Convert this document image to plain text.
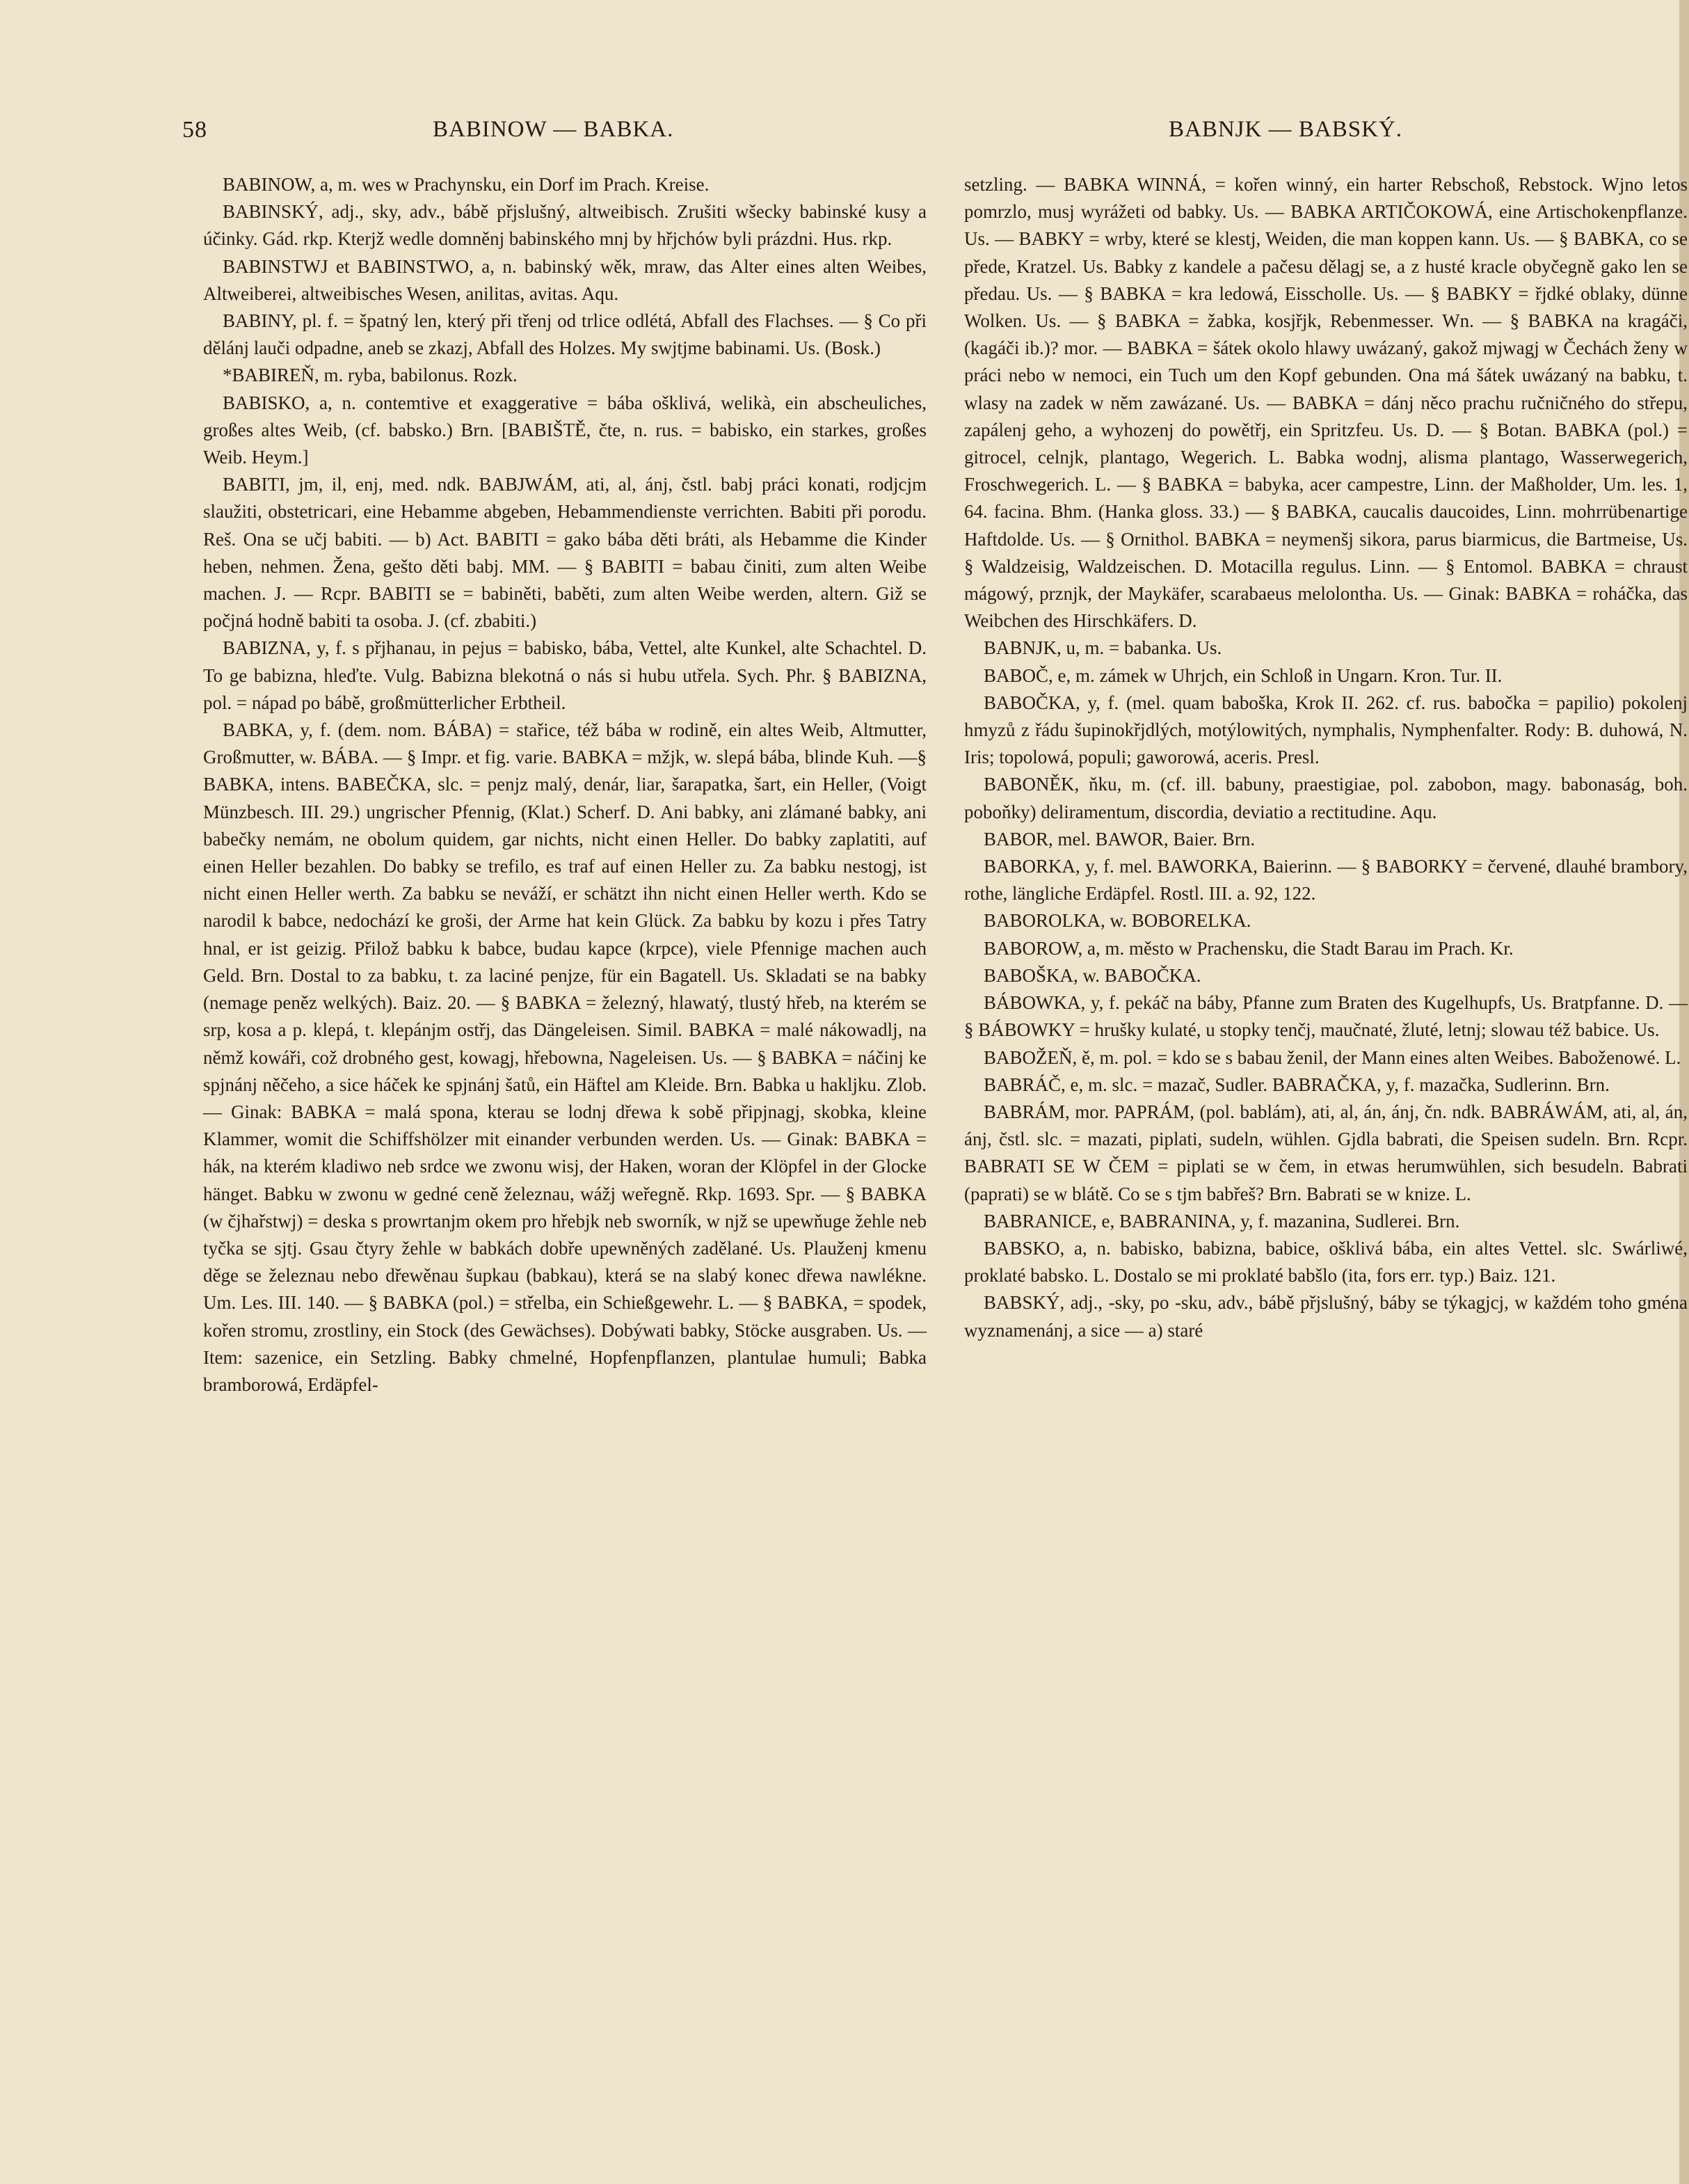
58	BABINOW — BABKA.	BABNJK — BABSKÝ.

BABINOW, a, m. wes w Prachynsku, ein Dorf im Prach. Kreise.

BABINSKÝ, adj., sky, adv., bábě přjslušný, altweibisch. Zrušiti wšecky babinské kusy a účinky. Gád. rkp. Kterjž wedle domněnj babinského mnj by hřjchów byli prázdni. Hus. rkp.

BABINSTWJ et BABINSTWO, a, n. babinský wěk, mraw, das Alter eines alten Weibes, Altweiberei, altweibisches Wesen, anilitas, avitas. Aqu.

BABINY, pl. f. = špatný len, který při třenj od trlice odlétá, Abfall des Flachses. — § Co při dělánj lauči odpadne, aneb se zkazj, Abfall des Holzes. My swjtjme babinami. Us. (Bosk.)

*BABIREŇ, m. ryba, babilonus. Rozk.

BABISKO, a, n. contemtive et exaggerative = bába ošklivá, welikà, ein abscheuliches, großes altes Weib, (cf. babsko.) Brn. [BABIŠTĚ, čte, n. rus. = babisko, ein starkes, großes Weib. Heym.]

BABITI, jm, il, enj, med. ndk. BABJWÁM, ati, al, ánj, čstl. babj práci konati, rodjcjm slaužiti, obstetricari, eine Hebamme abgeben, Hebammendienste verrichten. Babiti při porodu. Reš. Ona se učj babiti. — b) Act. BABITI = gako bába děti bráti, als Hebamme die Kinder heben, nehmen. Žena, gešto děti babj. MM. — § BABITI = babau činiti, zum alten Weibe machen. J. — Rcpr. BABITI se = babiněti, baběti, zum alten Weibe werden, altern. Giž se počjná hodně babiti ta osoba. J. (cf. zbabiti.)

BABIZNA, y, f. s přjhanau, in pejus = babisko, bába, Vettel, alte Kunkel, alte Schachtel. D. To ge babizna, hleďte. Vulg. Babizna blekotná o nás si hubu utřela. Sych. Phr. § BABIZNA, pol. = nápad po bábě, großmütterlicher Erbtheil.

BABKA, y, f. (dem. nom. BÁBA) = stařice, též bába w rodině, ein altes Weib, Altmutter, Großmutter, w. BÁBA. — § Impr. et fig. varie. BABKA = mžjk, w. slepá bába, blinde Kuh. —§ BABKA, intens. BABEČKA, slc. = penjz malý, denár, liar, šarapatka, šart, ein Heller, (Voigt Münzbesch. III. 29.) ungrischer Pfennig, (Klat.) Scherf. D. Ani babky, ani zlámané babky, ani babečky nemám, ne obolum quidem, gar nichts, nicht einen Heller. Do babky zaplatiti, auf einen Heller bezahlen. Do babky se trefilo, es traf auf einen Heller zu. Za babku nestogj, ist nicht einen Heller werth. Za babku se neváží, er schätzt ihn nicht einen Heller werth. Kdo se narodil k babce, nedochází ke groši, der Arme hat kein Glück. Za babku by kozu i přes Tatry hnal, er ist geizig. Přilož babku k babce, budau kapce (krpce), viele Pfennige machen auch Geld. Brn. Dostal to za babku, t. za laciné penjze, für ein Bagatell. Us. Skladati se na babky (nemage peněz welkých). Baiz. 20. — § BABKA = železný, hlawatý, tlustý hřeb, na kterém se srp, kosa a p. klepá, t. klepánjm ostřj, das Dängeleisen. Simil. BABKA = malé nákowadlj, na němž kowáři, což drobného gest, kowagj, hřebowna, Nageleisen. Us. — § BABKA = náčinj ke spjnánj něčeho, a sice háček ke spjnánj šatů, ein Häftel am Kleide. Brn. Babka u hakljku. Zlob. — Ginak: BABKA = malá spona, kterau se lodnj dřewa k sobě připjnagj, skobka, kleine Klammer, womit die Schiffshölzer mit einander verbunden werden. Us. — Ginak: BABKA = hák, na kterém kladiwo neb srdce we zwonu wisj, der Haken, woran der Klöpfel in der Glocke hänget. Babku w zwonu w gedné ceně železnau, wážj weřegně. Rkp. 1693. Spr. — § BABKA (w čjhařstwj) = deska s prowrtanjm okem pro hřebjk neb sworník, w njž se upewňuge žehle neb tyčka se sjtj. Gsau čtyry žehle w babkách dobře upewněných zadělané. Us. Plauženj kmenu děge se železnau nebo dřewěnau šupkau (babkau), která se na slabý konec dřewa nawlékne. Um. Les. III. 140. — § BABKA (pol.) = střelba, ein Schießgewehr. L. — § BABKA, = spodek, kořen stromu, zrostliny, ein Stock (des Gewächses). Dobýwati babky, Stöcke ausgraben. Us. — Item: sazenice, ein Setzling. Babky chmelné, Hopfenpflanzen, plantulae humuli; Babka bramborowá, Erdäpfel-

setzling. — BABKA WINNÁ, = kořen winný, ein harter Rebschoß, Rebstock. Wjno letos pomrzlo, musj wyrážeti od babky. Us. — BABKA ARTIČOKOWÁ, eine Artischokenpflanze. Us. — BABKY = wrby, které se klestj, Weiden, die man koppen kann. Us. — § BABKA, co se přede, Kratzel. Us. Babky z kandele a pačesu dělagj se, a z husté kracle obyčegně gako len se předau. Us. — § BABKA = kra ledowá, Eisscholle. Us. — § BABKY = řjdké oblaky, dünne Wolken. Us. — § BABKA = žabka, kosjřjk, Rebenmesser. Wn. — § BABKA na kragáči, (kagáči ib.)? mor. — BABKA = šátek okolo hlawy uwázaný, gakož mjwagj w Čechách ženy w práci nebo w nemoci, ein Tuch um den Kopf gebunden. Ona má šátek uwázaný na babku, t. wlasy na zadek w něm zawázané. Us. — BABKA = dánj něco prachu ručničného do střepu, zapálenj geho, a wyhozenj do powětřj, ein Spritzfeu. Us. D. — § Botan. BABKA (pol.) = gitrocel, celnjk, plantago, Wegerich. L. Babka wodnj, alisma plantago, Wasserwegerich, Froschwegerich. L. — § BABKA = babyka, acer campestre, Linn. der Maßholder, Um. les. 1, 64. facina. Bhm. (Hanka gloss. 33.) — § BABKA, caucalis daucoides, Linn. mohrrübenartige Haftdolde. Us. — § Ornithol. BABKA = neymenšj sikora, parus biarmicus, die Bartmeise, Us. § Waldzeisig, Waldzeischen. D. Motacilla regulus. Linn. — § Entomol. BABKA = chraust mágowý, prznjk, der Maykäfer, scarabaeus melolontha. Us. — Ginak: BABKA = roháčka, das Weibchen des Hirschkäfers. D.

BABNJK, u, m. = babanka. Us.

BABOČ, e, m. zámek w Uhrjch, ein Schloß in Ungarn. Kron. Tur. II.

BABOČKA, y, f. (mel. quam baboška, Krok II. 262. cf. rus. babočka = papilio) pokolenj hmyzů z řádu šupinokřjdlých, motýlowitých, nymphalis, Nymphenfalter. Rody: B. duhowá, N. Iris; topolowá, populi; gaworowá, aceris. Presl.

BABONĚK, ňku, m. (cf. ill. babuny, praestigiae, pol. zabobon, magy. babonaság, boh. poboňky) deliramentum, discordia, deviatio a rectitudine. Aqu.

BABOR, mel. BAWOR, Baier. Brn.

BABORKA, y, f. mel. BAWORKA, Baierinn. — § BABORKY = červené, dlauhé brambory, rothe, längliche Erdäpfel. Rostl. III. a. 92, 122.

BABOROLKA, w. BOBORELKA.

BABOROW, a, m. město w Prachensku, die Stadt Barau im Prach. Kr.

BABOŠKA, w. BABOČKA.

BÁBOWKA, y, f. pekáč na báby, Pfanne zum Braten des Kugelhupfs, Us. Bratpfanne. D. — § BÁBOWKY = hrušky kulaté, u stopky tenčj, maučnaté, žluté, letnj; slowau též babice. Us.

BABOŽEŇ, ě, m. pol. = kdo se s babau ženil, der Mann eines alten Weibes. Baboženowé. L.

BABRÁČ, e, m. slc. = mazač, Sudler. BABRAČKA, y, f. mazačka, Sudlerinn. Brn.

BABRÁM, mor. PAPRÁM, (pol. bablám), ati, al, án, ánj, čn. ndk. BABRÁWÁM, ati, al, án, ánj, čstl. slc. = mazati, piplati, sudeln, wühlen. Gjdla babrati, die Speisen sudeln. Brn. Rcpr. BABRATI SE W ČEM = piplati se w čem, in etwas herumwühlen, sich besudeln. Babrati (paprati) se w blátě. Co se s tjm babřeš? Brn. Babrati se w knize. L.

BABRANICE, e, BABRANINA, y, f. mazanina, Sudlerei. Brn.

BABSKO, a, n. babisko, babizna, babice, ošklivá bába, ein altes Vettel. slc. Swárliwé, proklaté babsko. L. Dostalo se mi proklaté babšlo (ita, fors err. typ.) Baiz. 121.

BABSKÝ, adj., -sky, po -sku, adv., bábě přjslušný, báby se týkagjcj, w každém toho gména wyznamenánj, a sice — a) staré
